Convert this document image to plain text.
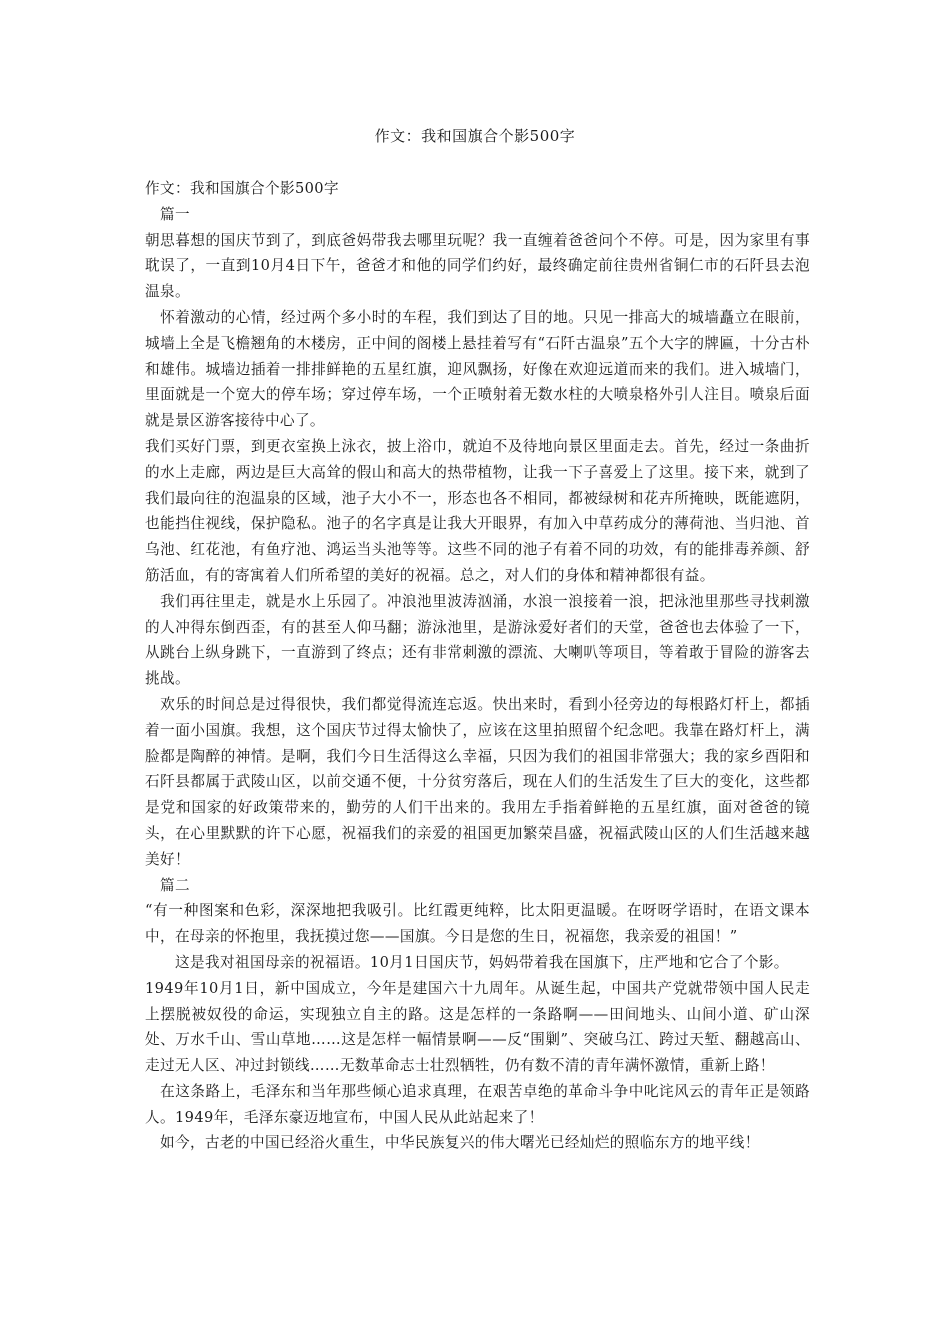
作文：我和国旗合个影500字

作文：我和国旗合个影500字

篇一

朝思暮想的国庆节到了，到底爸妈带我去哪里玩呢？我一直缠着爸爸问个不停。可是，因为家里有事耽误了，一直到10月4日下午，爸爸才和他的同学们约好，最终确定前往贵州省铜仁市的石阡县去泡温泉。

　怀着激动的心情，经过两个多小时的车程，我们到达了目的地。只见一排高大的城墙矗立在眼前，城墙上全是飞檐翘角的木楼房，正中间的阁楼上悬挂着写有“石阡古温泉”五个大字的牌匾，十分古朴和雄伟。城墙边插着一排排鲜艳的五星红旗，迎风飘扬，好像在欢迎远道而来的我们。进入城墙门，里面就是一个宽大的停车场；穿过停车场，一个正喷射着无数水柱的大喷泉格外引人注目。喷泉后面就是景区游客接待中心了。

我们买好门票，到更衣室换上泳衣，披上浴巾，就迫不及待地向景区里面走去。首先，经过一条曲折的水上走廊，两边是巨大高耸的假山和高大的热带植物，让我一下子喜爱上了这里。接下来，就到了我们最向往的泡温泉的区域，池子大小不一，形态也各不相同，都被绿树和花卉所掩映，既能遮阴，也能挡住视线，保护隐私。池子的名字真是让我大开眼界，有加入中草药成分的薄荷池、当归池、首乌池、红花池，有鱼疗池、鸿运当头池等等。这些不同的池子有着不同的功效，有的能排毒养颜、舒筋活血，有的寄寓着人们所希望的美好的祝福。总之，对人们的身体和精神都很有益。

　我们再往里走，就是水上乐园了。冲浪池里波涛汹涌，水浪一浪接着一浪，把泳池里那些寻找刺激的人冲得东倒西歪，有的甚至人仰马翻；游泳池里，是游泳爱好者们的天堂，爸爸也去体验了一下，从跳台上纵身跳下，一直游到了终点；还有非常刺激的漂流、大喇叭等项目，等着敢于冒险的游客去挑战。

　欢乐的时间总是过得很快，我们都觉得流连忘返。快出来时，看到小径旁边的每根路灯杆上，都插着一面小国旗。我想，这个国庆节过得太愉快了，应该在这里拍照留个纪念吧。我靠在路灯杆上，满脸都是陶醉的神情。是啊，我们今日生活得这么幸福，只因为我们的祖国非常强大；我的家乡酉阳和石阡县都属于武陵山区，以前交通不便，十分贫穷落后，现在人们的生活发生了巨大的变化，这些都是党和国家的好政策带来的，勤劳的人们干出来的。我用左手指着鲜艳的五星红旗，面对爸爸的镜头，在心里默默的许下心愿，祝福我们的亲爱的祖国更加繁荣昌盛，祝福武陵山区的人们生活越来越美好！

篇二

“有一种图案和色彩，深深地把我吸引。比红霞更纯粹，比太阳更温暖。在呀呀学语时，在语文课本中，在母亲的怀抱里，我抚摸过您——国旗。今日是您的生日，祝福您，我亲爱的祖国！”

　　这是我对祖国母亲的祝福语。10月1日国庆节，妈妈带着我在国旗下，庄严地和它合了个影。

1949年10月1日，新中国成立，今年是建国六十九周年。从诞生起，中国共产党就带领中国人民走上摆脱被奴役的命运，实现独立自主的路。这是怎样的一条路啊——田间地头、山间小道、矿山深处、万水千山、雪山草地……这是怎样一幅情景啊——反“围剿”、突破乌江、跨过天堑、翻越高山、走过无人区、冲过封锁线……无数革命志士壮烈牺牲，仍有数不清的青年满怀激情，重新上路！

　在这条路上，毛泽东和当年那些倾心追求真理，在艰苦卓绝的革命斗争中叱诧风云的青年正是领路人。1949年，毛泽东豪迈地宣布，中国人民从此站起来了！

　如今，古老的中国已经浴火重生，中华民族复兴的伟大曙光已经灿烂的照临东方的地平线！
